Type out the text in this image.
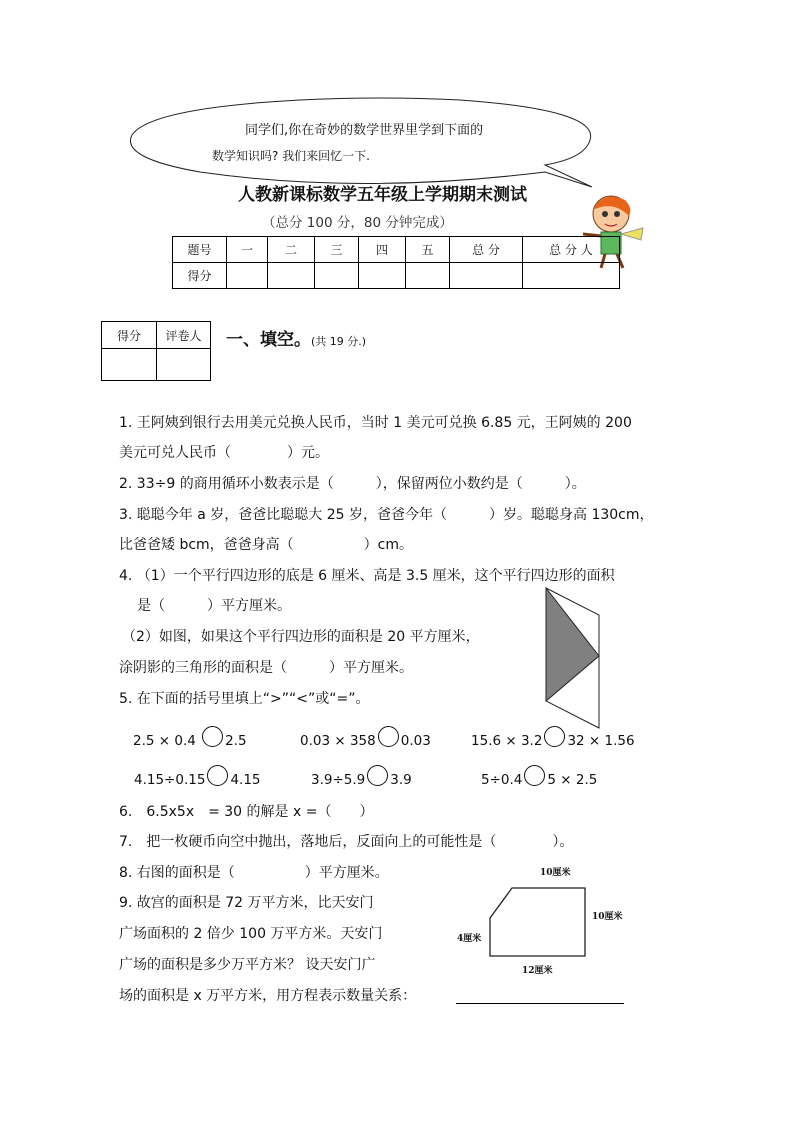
同学们,你在奇妙的数学世界里学到下面的
数学知识吗? 我们来回忆一下.
人教新课标数学五年级上学期期末测试
（总分 100 分，80 分钟完成）
题号	一	二	三	四	五	总 分	总 分 人
得分							
得分	评卷人
	一、填空。(共 19 分.)
1. 王阿姨到银行去用美元兑换人民币，当时 1 美元可兑换 6.85 元，王阿姨的 200
美元可兑人民币（　　　　）元。
2. 33÷9 的商用循环小数表示是（　　　），保留两位小数约是（　　　）。
3. 聪聪今年 a 岁，爸爸比聪聪大 25 岁，爸爸今年（　　　）岁。聪聪身高 130cm，
比爸爸矮 bcm，爸爸身高（　　　　　）cm。
4. （1）一个平行四边形的底是 6 厘米、高是 3.5 厘米，这个平行四边形的面积
是（　　　）平方厘米。
（2）如图，如果这个平行四边形的面积是 20 平方厘米，
涂阴影的三角形的面积是（　　　）平方厘米。
5. 在下面的括号里填上“>”“<”或“=”。
2.5 × 0.4 2.5	0.03 × 358 0.03	15.6 × 3.2 32 × 1.56
4.15÷0.15 4.15	3.9÷5.9 3.9	5÷0.4 5 × 2.5
6.　6.5x5x　= 30 的解是 x =（　　）
7.　把一枚硬币向空中抛出，落地后，反面向上的可能性是（　　　　）。
8. 右图的面积是（　　　　　）平方厘米。
9. 故宫的面积是 72 万平方米，比天安门
广场面积的 2 倍少 100 万平方米。天安门
广场的面积是多少万平方米？ 设天安门广
场的面积是 x 万平方米，用方程表示数量关系：
10厘米
10厘米
4厘米
12厘米
